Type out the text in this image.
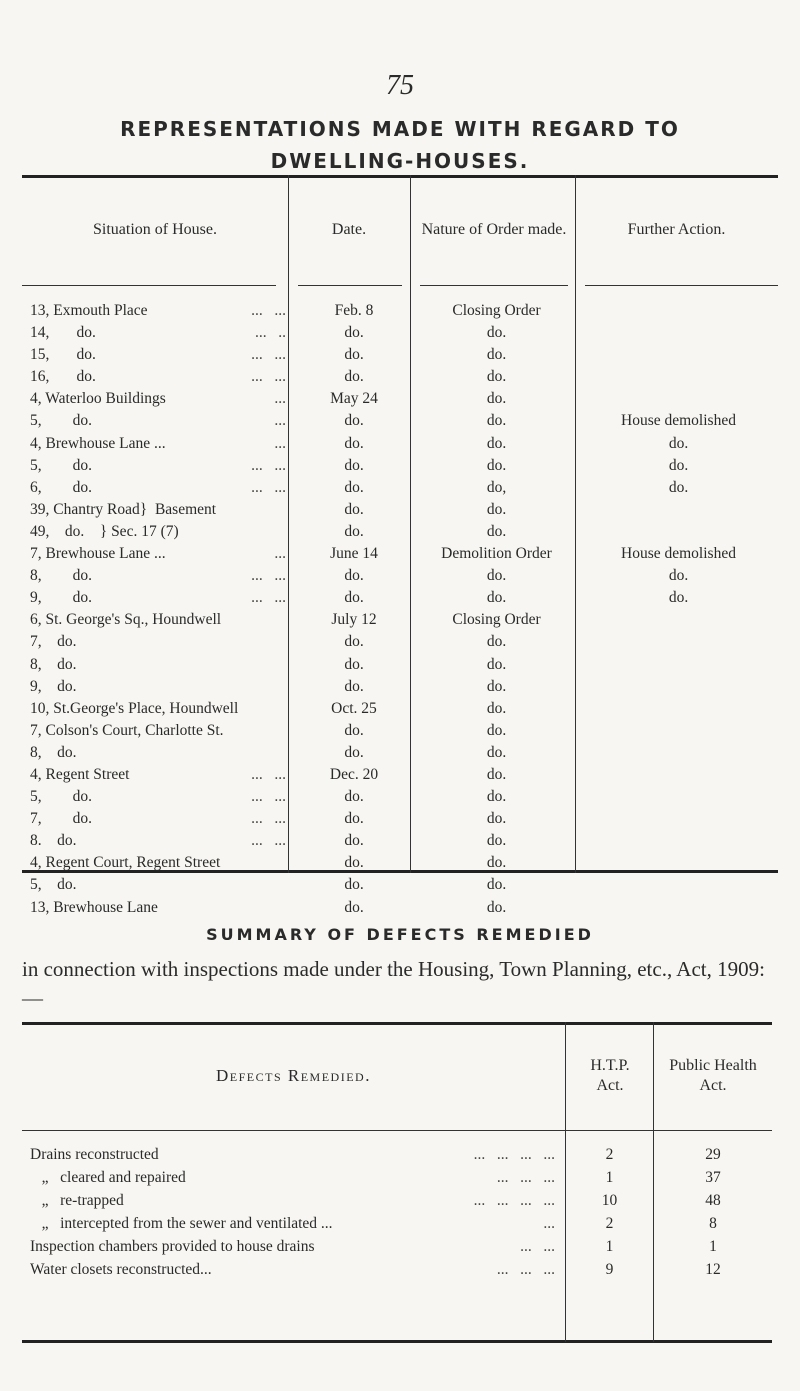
75
REPRESENTATIONS MADE WITH REGARD TO
DWELLING-HOUSES.
Situation of House.	Date.	Nature of Order made.	Further Action.
13, Exmouth Place	...   ...	Feb. 8	Closing Order
14,       do.	...   ..	do.	do.
15,       do.	...   ...	do.	do.
16,       do.	...   ...	do.	do.
4, Waterloo Buildings	...	May 24	do.
5,        do.	...	do.	do.	House demolished
4, Brewhouse Lane ...	...	do.	do.	do.
5,        do.	...   ...	do.	do.	do.
6,        do.	...   ...	do.	do,	do.
39, Chantry Road}  Basement	do.	do.
49,    do.    } Sec. 17 (7)	do.	do.
7, Brewhouse Lane ...	...	June 14	Demolition Order	House demolished
8,        do.	...   ...	do.	do.	do.
9,        do.	...   ...	do.	do.	do.
6, St. George's Sq., Houndwell	July 12	Closing Order
7,    do.	do.	do.
8,    do.	do.	do.
9,    do.	do.	do.
10, St.George's Place, Houndwell	Oct. 25	do.
7, Colson's Court, Charlotte St.	do.	do.
8,    do.	do.	do.
4, Regent Street	...   ...	Dec. 20	do.
5,        do.	...   ...	do.	do.
7,        do.	...   ...	do.	do.
8.    do.	...   ...	do.	do.
4, Regent Court, Regent Street	do.	do.
5,    do.	do.	do.
13, Brewhouse Lane	do.	do.
SUMMARY OF DEFECTS REMEDIED
in connection with inspections made under the Housing, Town Planning, etc., Act, 1909:—
Defects Remedied.
H.T.P. Act.
Public Health Act.
Drains reconstructed	...   ...   ...   ...	2	29
„   cleared and repaired	...   ...   ...	1	37
„   re-trapped	...   ...   ...   ...	10	48
„   intercepted from the sewer and ventilated ...	...	2	8
Inspection chambers provided to house drains	...   ...	1	1
Water closets reconstructed...	...   ...   ...	9	12
